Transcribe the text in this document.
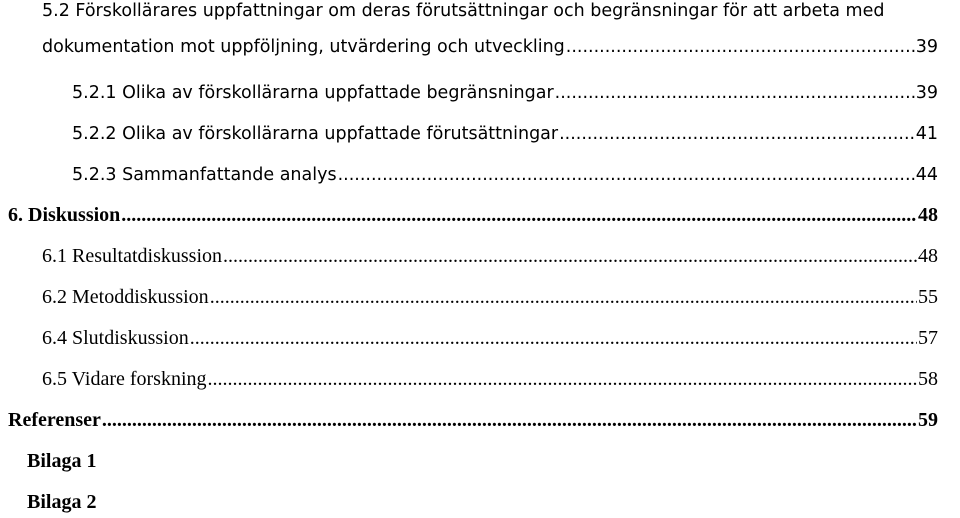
5.2 Förskollärares uppfattningar om deras förutsättningar och begränsningar för att arbeta med
dokumentation mot uppföljning, utvärdering och utveckling .....	39
5.2.1 Olika av förskollärarna uppfattade begränsningar .....	39
5.2.2 Olika av förskollärarna uppfattade förutsättningar .....	41
5.2.3 Sammanfattande analys .....	44
6. Diskussion .....	48
6.1 Resultatdiskussion .....	48
6.2 Metoddiskussion .....	55
6.4 Slutdiskussion .....	57
6.5 Vidare forskning .....	58
Referenser .....	59
Bilaga 1
Bilaga 2
